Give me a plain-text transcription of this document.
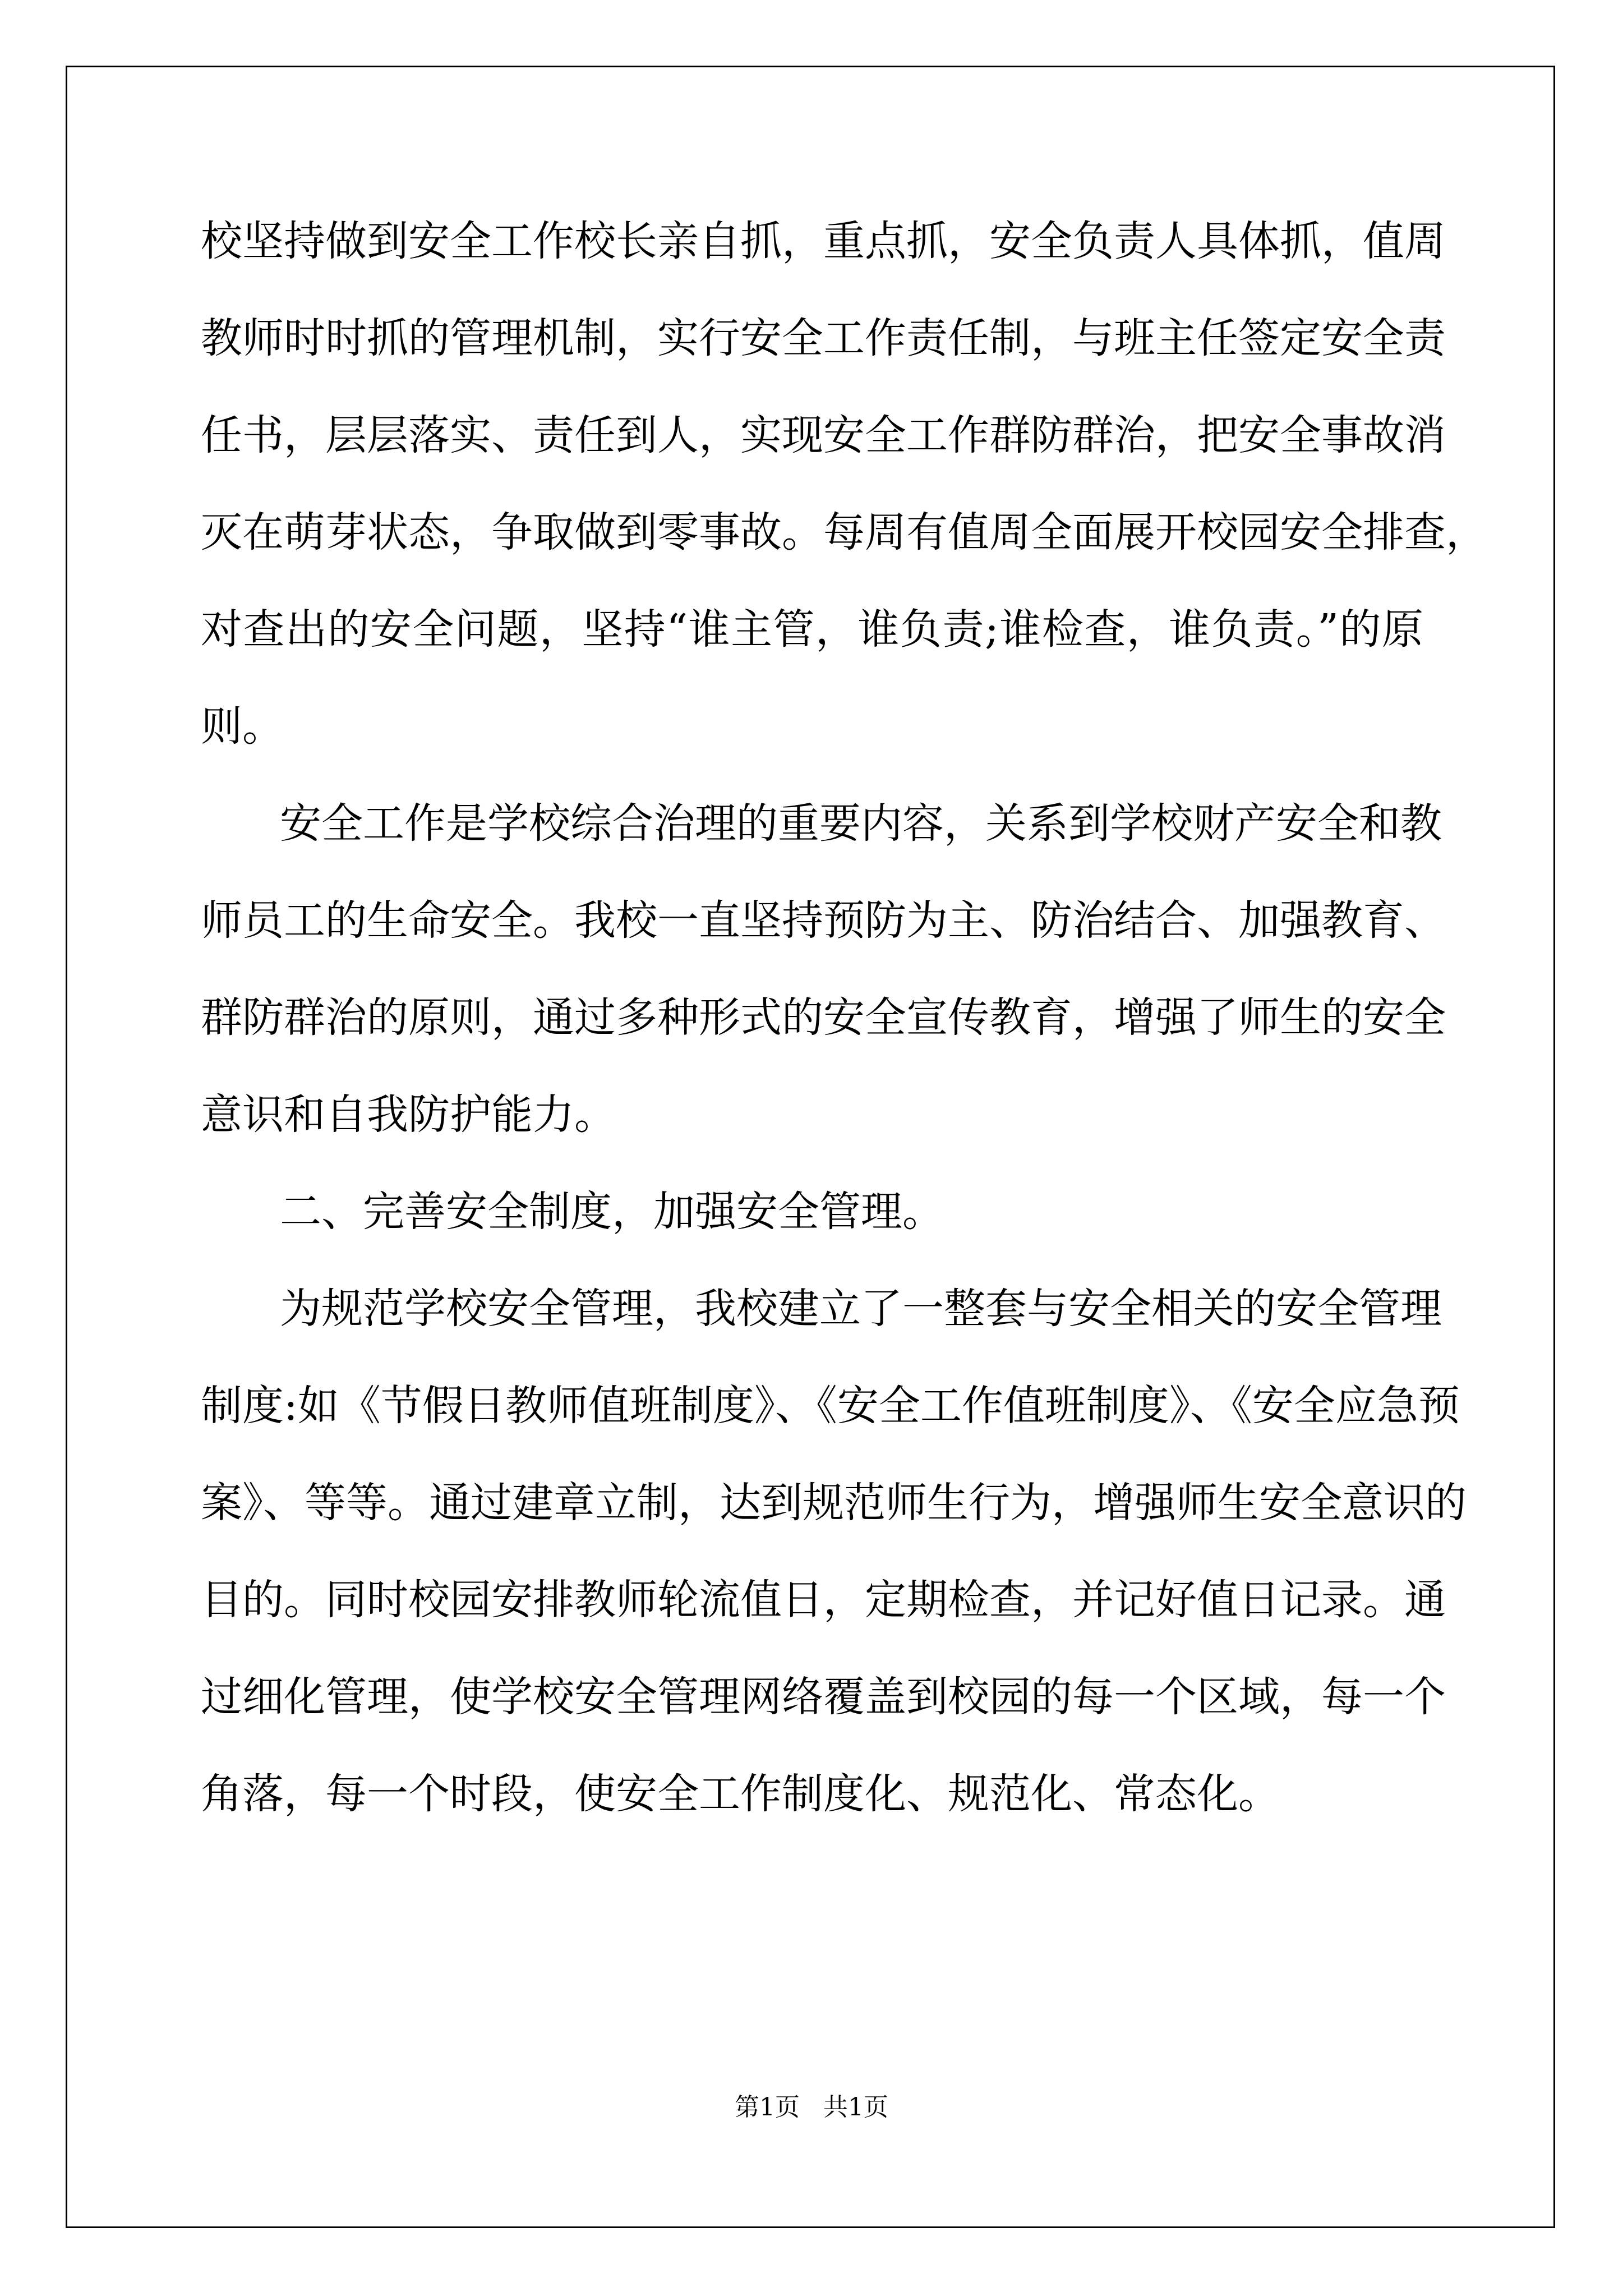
校坚持做到安全工作校长亲自抓，重点抓，安全负责人具体抓，值周
教师时时抓的管理机制，实行安全工作责任制，与班主任签定安全责
任书，层层落实、责任到人，实现安全工作群防群治，把安全事故消
灭在萌芽状态，争取做到零事故。每周有值周全面展开校园安全排查，
对查出的安全问题，坚持“谁主管，谁负责;谁检查，谁负责。”的原
则。
安全工作是学校综合治理的重要内容，关系到学校财产安全和教
师员工的生命安全。我校一直坚持预防为主、防治结合、加强教育、
群防群治的原则，通过多种形式的安全宣传教育，增强了师生的安全
意识和自我防护能力。
二、完善安全制度，加强安全管理。
为规范学校安全管理，我校建立了一整套与安全相关的安全管理
制度:如《节假日教师值班制度》、《安全工作值班制度》、《安全应急预
案》、等等。通过建章立制，达到规范师生行为，增强师生安全意识的
目的。同时校园安排教师轮流值日，定期检查，并记好值日记录。通
过细化管理，使学校安全管理网络覆盖到校园的每一个区域，每一个
角落，每一个时段，使安全工作制度化、规范化、常态化。
第1页 共1页
